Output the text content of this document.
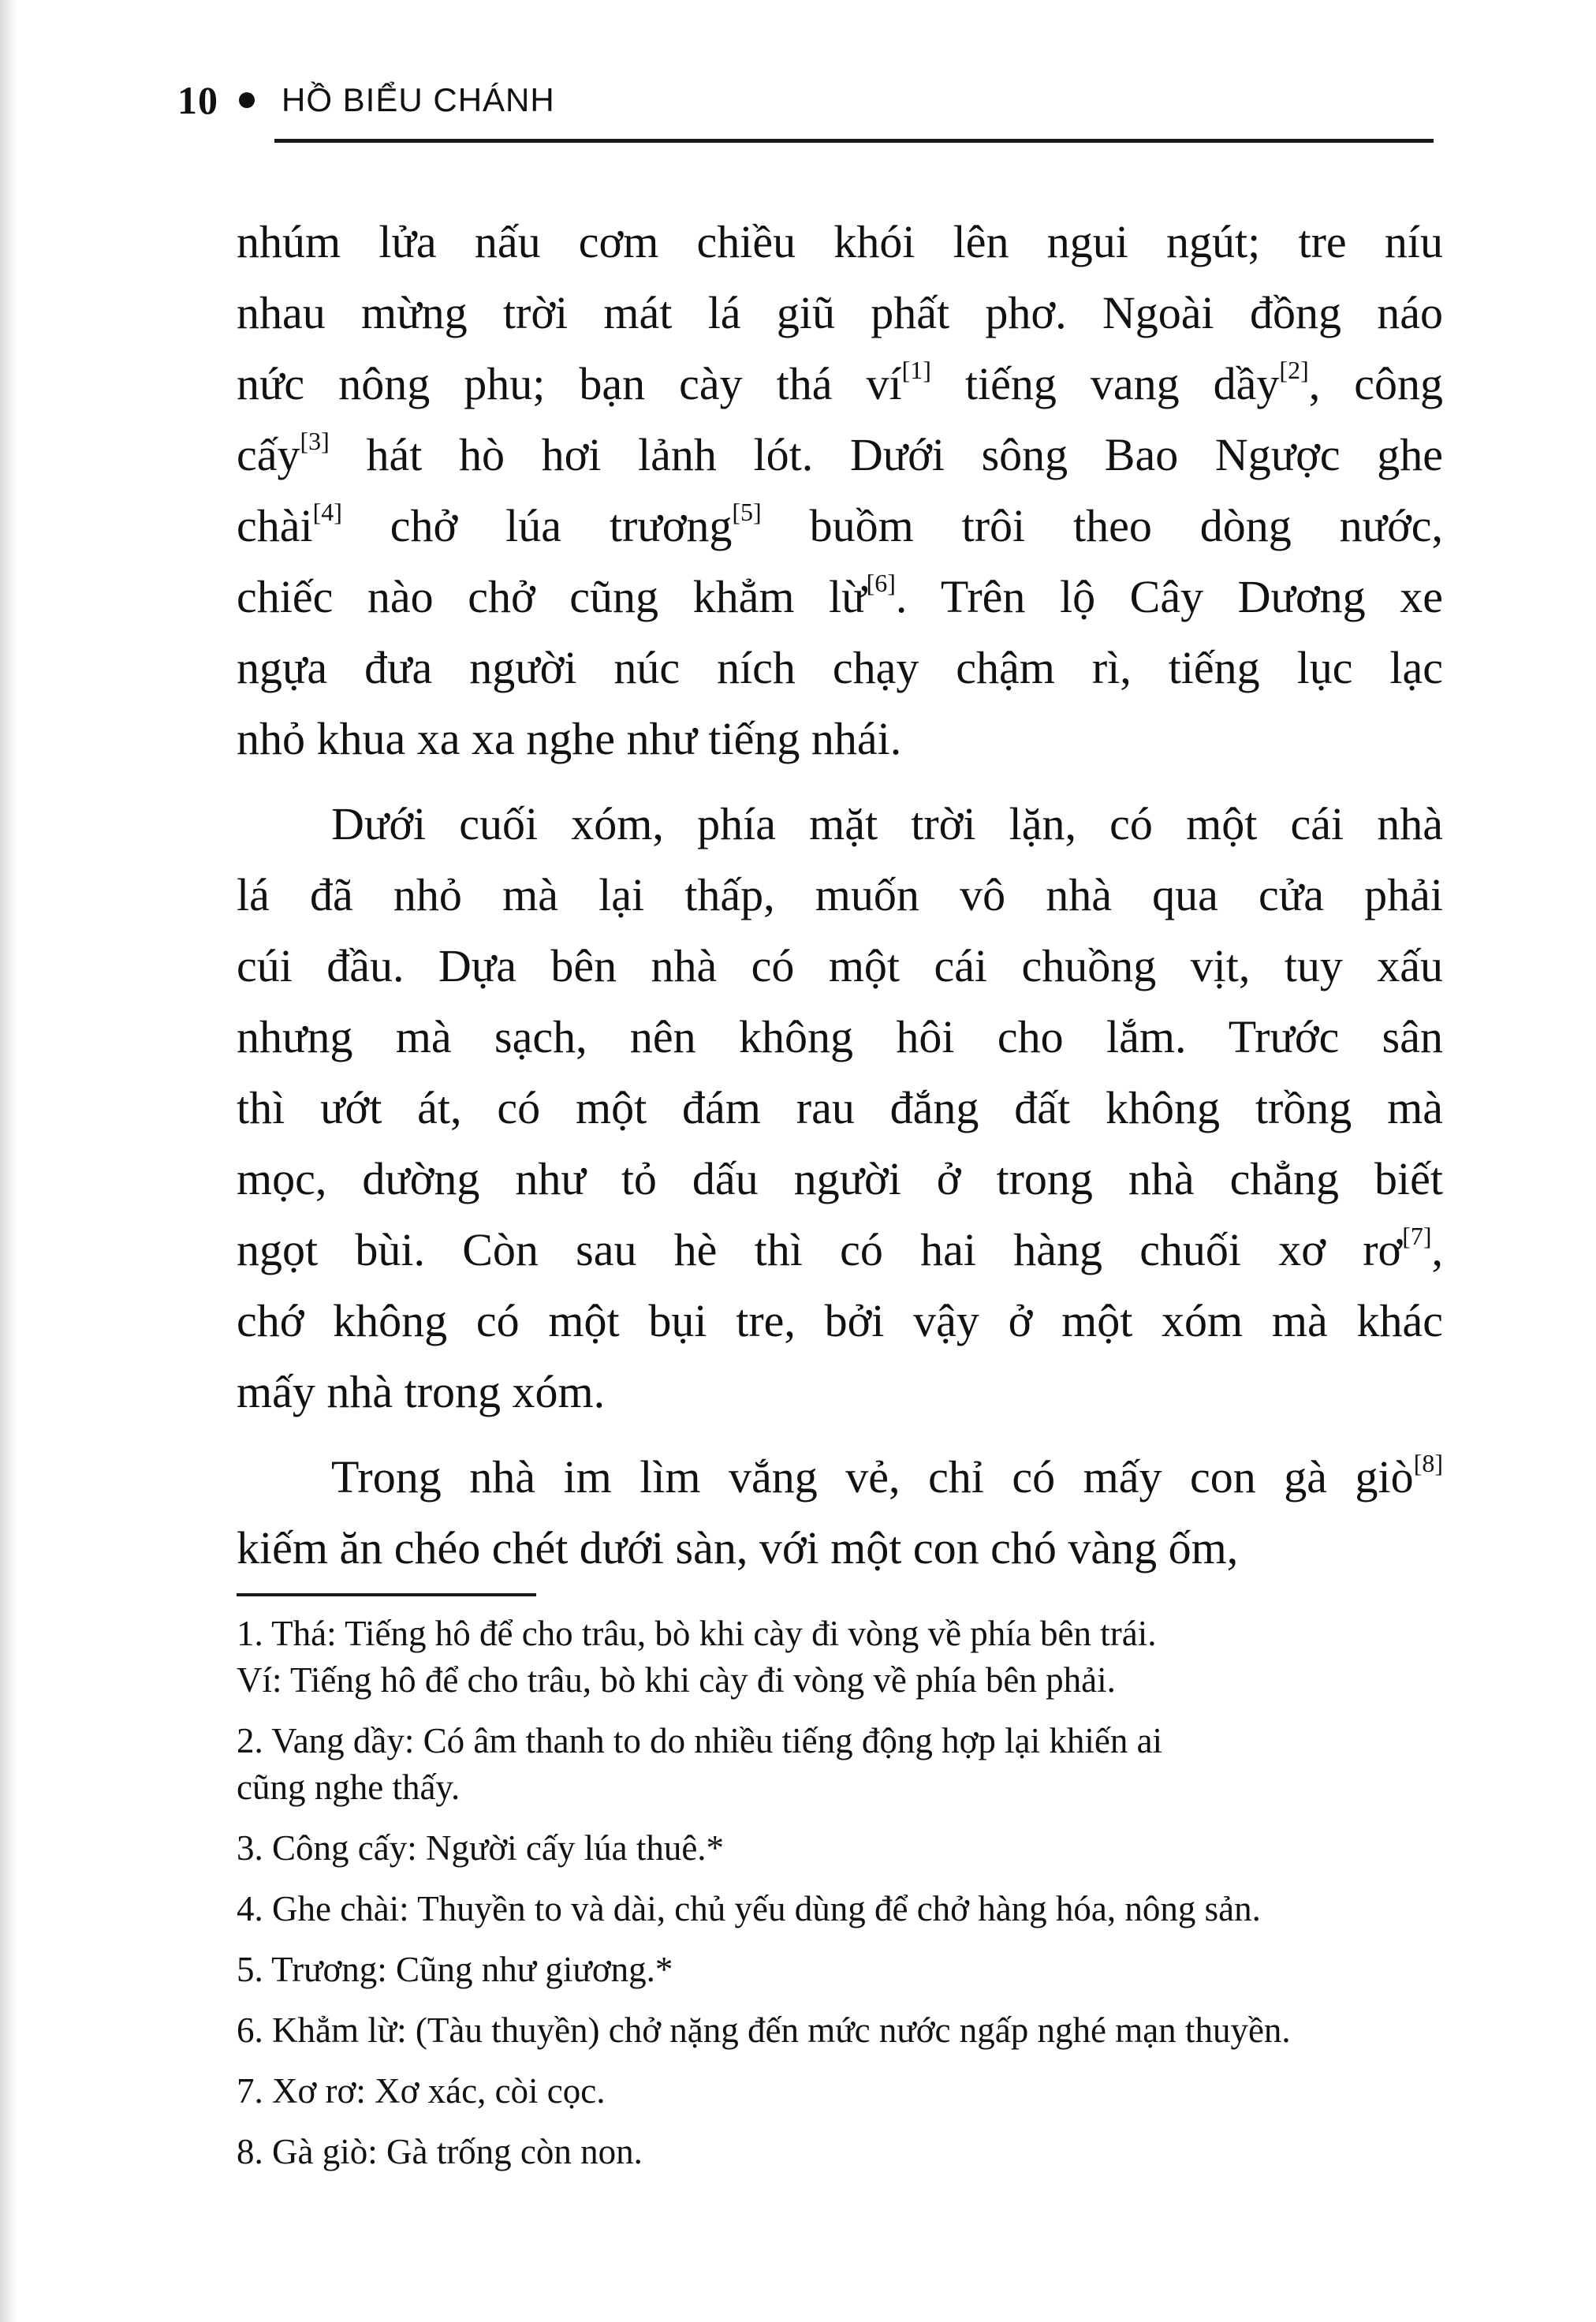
10 HỒ BIỂU CHÁNH
nhúm lửa nấu cơm chiều khói lên ngui ngút; tre níu
nhau mừng trời mát lá giũ phất phơ. Ngoài đồng náo
nức nông phu; bạn cày thá ví[1] tiếng vang dầy[2], công
cấy[3] hát hò hơi lảnh lót. Dưới sông Bao Ngược ghe
chài[4] chở lúa trương[5] buồm trôi theo dòng nước,
chiếc nào chở cũng khẳm lừ[6]. Trên lộ Cây Dương xe
ngựa đưa người núc ních chạy chậm rì, tiếng lục lạc
nhỏ khua xa xa nghe như tiếng nhái.
Dưới cuối xóm, phía mặt trời lặn, có một cái nhà
lá đã nhỏ mà lại thấp, muốn vô nhà qua cửa phải
cúi đầu. Dựa bên nhà có một cái chuồng vịt, tuy xấu
nhưng mà sạch, nên không hôi cho lắm. Trước sân
thì ướt át, có một đám rau đắng đất không trồng mà
mọc, dường như tỏ dấu người ở trong nhà chẳng biết
ngọt bùi. Còn sau hè thì có hai hàng chuối xơ rơ[7],
chớ không có một bụi tre, bởi vậy ở một xóm mà khác
mấy nhà trong xóm.
Trong nhà im lìm vắng vẻ, chỉ có mấy con gà giò[8]
kiếm ăn chéo chét dưới sàn, với một con chó vàng ốm,
1. Thá: Tiếng hô để cho trâu, bò khi cày đi vòng về phía bên trái.
Ví: Tiếng hô để cho trâu, bò khi cày đi vòng về phía bên phải.
2. Vang dầy: Có âm thanh to do nhiều tiếng động hợp lại khiến ai
cũng nghe thấy.
3. Công cấy: Người cấy lúa thuê.*
4. Ghe chài: Thuyền to và dài, chủ yếu dùng để chở hàng hóa, nông sản.
5. Trương: Cũng như giương.*
6. Khẳm lừ: (Tàu thuyền) chở nặng đến mức nước ngấp nghé mạn thuyền.
7. Xơ rơ: Xơ xác, còi cọc.
8. Gà giò: Gà trống còn non.
